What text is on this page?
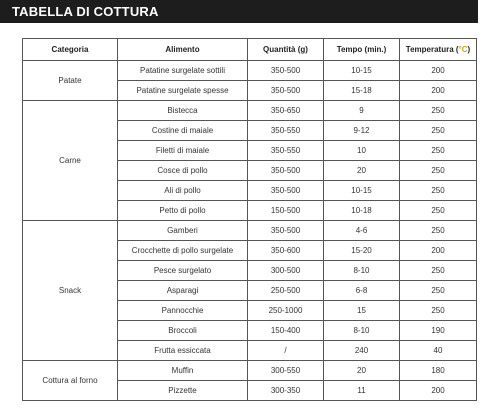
TABELLA DI COTTURA
Categoria	Alimento	Quantità (g)	Tempo (min.)	Temperatura (°C)
Patate	Patatine surgelate sottili	350-500	10-15	200
	Patatine surgelate spesse	350-500	15-18	200
Carne	Bistecca	350-650	9	250
	Costine di maiale	350-550	9-12	250
	Filetti di maiale	350-550	10	250
	Cosce di pollo	350-500	20	250
	Ali di pollo	350-500	10-15	250
	Petto di pollo	150-500	10-18	250
Snack	Gamberi	350-500	4-6	250
	Crocchette di pollo surgelate	350-600	15-20	200
	Pesce surgelato	300-500	8-10	250
	Asparagi	250-500	6-8	250
	Pannocchie	250-1000	15	250
	Broccoli	150-400	8-10	190
	Frutta essiccata	/	240	40
Cottura al forno	Muffin	300-550	20	180
	Pizzette	300-350	11	200
